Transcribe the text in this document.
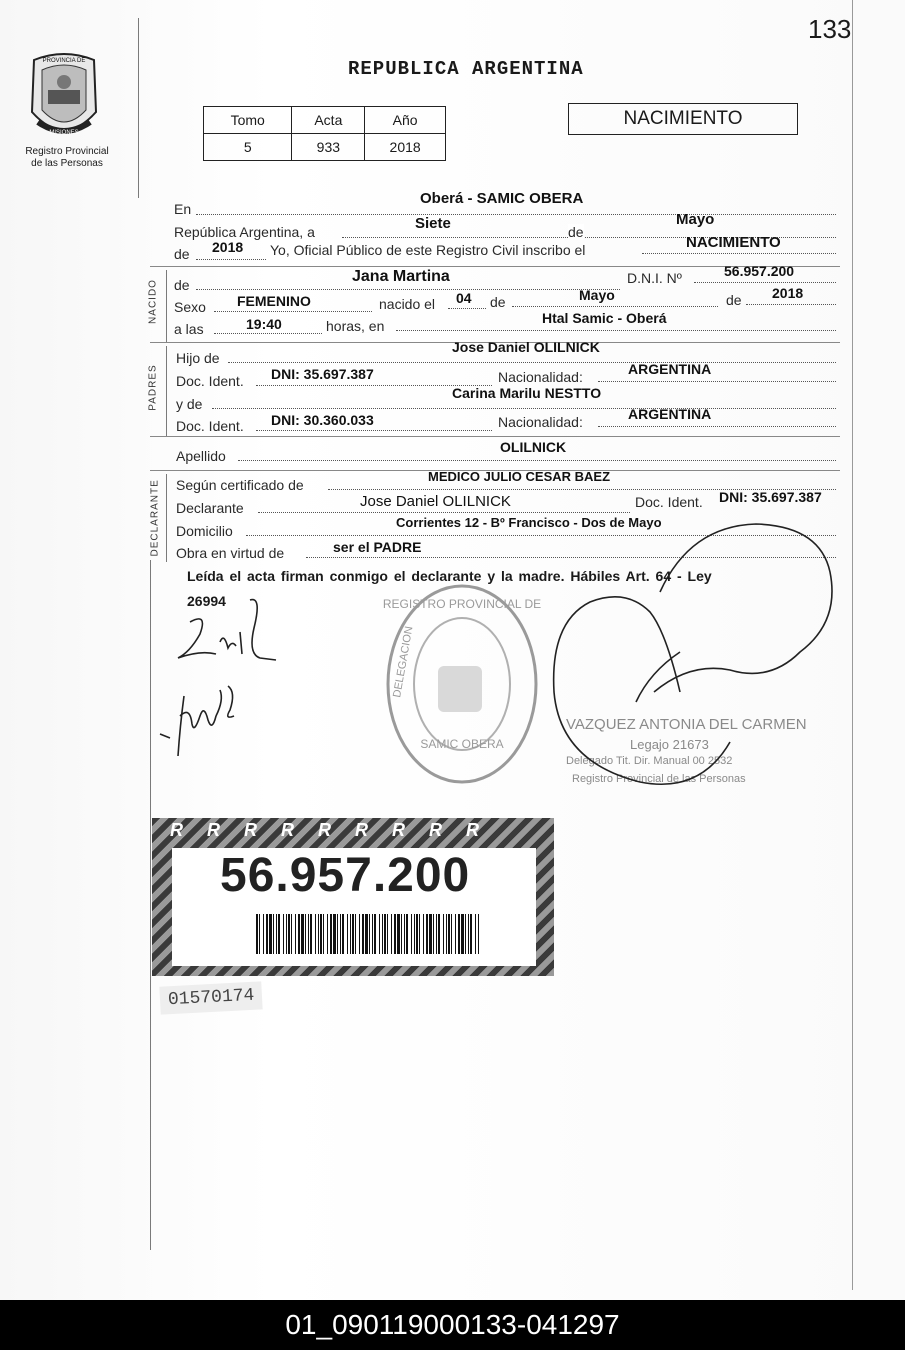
133
PROVINCIA DE
MISIONES
Registro Provincial
de las Personas
REPUBLICA ARGENTINA
Tomo	Acta	Año
5	933	2018
NACIMIENTO
En
Oberá - SAMIC OBERA
República Argentina, a	Siete	de
Mayo
de 2018 Yo, Oficial Público de este Registro Civil inscribo el	NACIMIENTO
NACIDO de	Jana Martina	D.N.I. Nº	56.957.200
Sexo FEMENINO	nacido el 04 de	Mayo	de 2018
a las	19:40	horas, en	Htal Samic - Oberá
PADRES
Hijo de
Jose Daniel OLILNICK
Doc. Ident. DNI: 35.697.387	Nacionalidad:	ARGENTINA
y de
Carina Marilu NESTTO
Doc. Ident. DNI: 30.360.033	Nacionalidad:	ARGENTINA
Apellido
OLILNICK
DECLARANTE Según certificado de
MEDICO JULIO CESAR BAEZ
Declarante	Jose Daniel OLILNICK	Doc. Ident. DNI: 35.697.387
Domicilio
Corrientes 12 - Bº Francisco - Dos de Mayo
Obra en virtud de	ser el PADRE
Leída el acta firman conmigo el declarante y la madre. Hábiles Art. 64 - Ley
26994	REGISTRO PROVINCIAL DE
SAMIC OBERA
DELEGACION
VAZQUEZ ANTONIA DEL CARMEN
Legajo 21673
Delegado Tit. Dir. Manual 00 2532
Registro Provincial de las Personas
R R R R R R R R R
56.957.200
01570174
01_090119000133-041297
